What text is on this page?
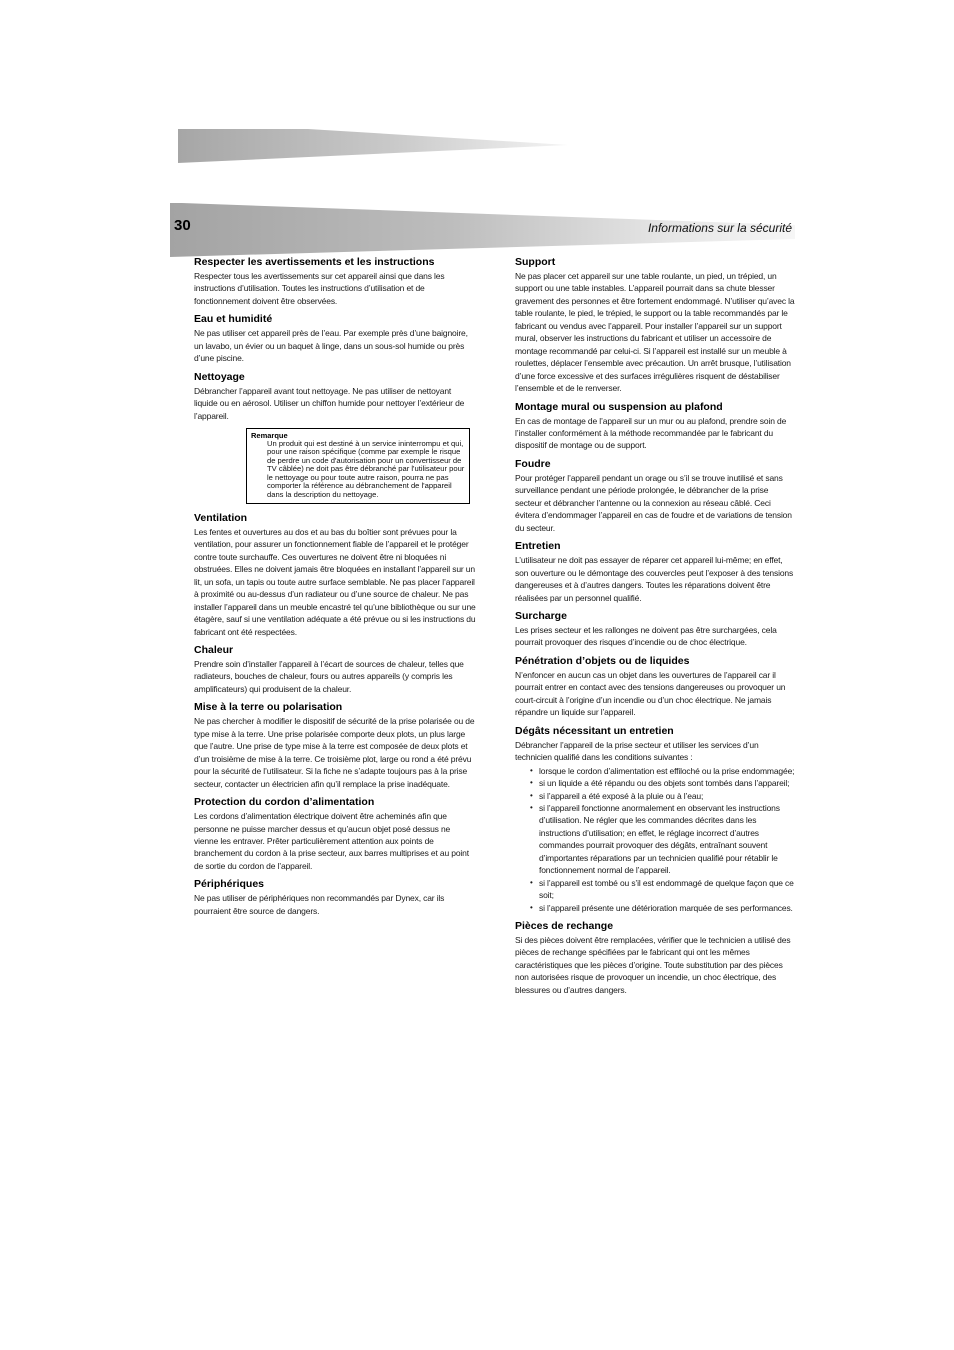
30	Informations sur la sécurité
Respecter les avertissements et les instructions

Respecter tous les avertissements sur cet appareil ainsi que dans les instructions d’utilisation. Toutes les instructions d’utilisation et de fonctionnement doivent être observées.

Eau et humidité

Ne pas utiliser cet appareil près de l’eau. Par exemple près d’une baignoire, un lavabo, un évier ou un baquet à linge, dans un sous-sol humide ou près d’une piscine.

Nettoyage

Débrancher l’appareil avant tout nettoyage. Ne pas utiliser de nettoyant liquide ou en aérosol. Utiliser un chiffon humide pour nettoyer l’extérieur de l’appareil.

Remarque

Un produit qui est destiné à un service ininterrompu et qui, pour une raison spécifique (comme par exemple le risque de perdre un code d'autorisation pour un convertisseur de TV câblée) ne doit pas être débranché par l'utilisateur pour le nettoyage ou pour toute autre raison, pourra ne pas comporter la référence au débranchement de l'appareil dans la description du nettoyage.

Ventilation

Les fentes et ouvertures au dos et au bas du boîtier sont prévues pour la ventilation, pour assurer un fonctionnement fiable de l’appareil et le protéger contre toute surchauffe. Ces ouvertures ne doivent être ni bloquées ni obstruées. Elles ne doivent jamais être bloquées en installant l’appareil sur un lit, un sofa, un tapis ou toute autre surface semblable. Ne pas placer l’appareil à proximité ou au-dessus d’un radiateur ou d’une source de chaleur. Ne pas installer l’appareil dans un meuble encastré tel qu’une bibliothèque ou sur une étagère, sauf si une ventilation adéquate a été prévue ou si les instructions du fabricant ont été respectées.

Chaleur

Prendre soin d’installer l’appareil à l’écart de sources de chaleur, telles que radiateurs, bouches de chaleur, fours ou autres appareils (y compris les amplificateurs) qui produisent de la chaleur.

Mise à la terre ou polarisation

Ne pas chercher à modifier le dispositif de sécurité de la prise polarisée ou de type mise à la terre. Une prise polarisée comporte deux plots, un plus large que l’autre. Une prise de type mise à la terre est composée de deux plots et d’un troisième de mise à la terre. Ce troisième plot, large ou rond a été prévu pour la sécurité de l’utilisateur. Si la fiche ne s’adapte toujours pas à la prise secteur, contacter un électricien afin qu’il remplace la prise inadéquate.

Protection du cordon d’alimentation

Les cordons d’alimentation électrique doivent être acheminés afin que personne ne puisse marcher dessus et qu’aucun objet posé dessus ne vienne les entraver. Prêter particulièrement attention aux points de branchement du cordon à la prise secteur, aux barres multiprises et au point de sortie du cordon de l’appareil.

Périphériques

Ne pas utiliser de périphériques non recommandés par Dynex, car ils pourraient être source de dangers.

Support

Ne pas placer cet appareil sur une table roulante, un pied, un trépied, un support ou une table instables. L’appareil pourrait dans sa chute blesser gravement des personnes et être fortement endommagé. N’utiliser qu’avec la table roulante, le pied, le trépied, le support ou la table recommandés par le fabricant ou vendus avec l’appareil. Pour installer l’appareil sur un support mural, observer les instructions du fabricant et utiliser un accessoire de montage recommandé par celui-ci. Si l’appareil est installé sur un meuble à roulettes, déplacer l’ensemble avec précaution. Un arrêt brusque, l’utilisation d’une force excessive et des surfaces irrégulières risquent de déstabiliser l’ensemble et de le renverser.

Montage mural ou suspension au plafond

En cas de montage de l’appareil sur un mur ou au plafond, prendre soin de l’installer conformément à la méthode recommandée par le fabricant du dispositif de montage ou de support.

Foudre

Pour protéger l’appareil pendant un orage ou s’il se trouve inutilisé et sans surveillance pendant une période prolongée, le débrancher de la prise secteur et débrancher l’antenne ou la connexion au réseau câblé. Ceci évitera d’endommager l’appareil en cas de foudre et de variations de tension du secteur.

Entretien

L’utilisateur ne doit pas essayer de réparer cet appareil lui-même; en effet, son ouverture ou le démontage des couvercles peut l’exposer à des tensions dangereuses et à d’autres dangers. Toutes les réparations doivent être réalisées par un personnel qualifié.

Surcharge

Les prises secteur et les rallonges ne doivent pas être surchargées, cela pourrait provoquer des risques d’incendie ou de choc électrique.

Pénétration d’objets ou de liquides

N’enfoncer en aucun cas un objet dans les ouvertures de l’appareil car il pourrait entrer en contact avec des tensions dangereuses ou provoquer un court-circuit à l’origine d’un incendie ou d’un choc électrique. Ne jamais répandre un liquide sur l’appareil.

Dégâts nécessitant un entretien

Débrancher l’appareil de la prise secteur et utiliser les services d’un technicien qualifié dans les conditions suivantes :

• lorsque le cordon d’alimentation est effiloché ou la prise endommagée;
• si un liquide a été répandu ou des objets sont tombés dans l’appareil;
• si l’appareil a été exposé à la pluie ou à l’eau;
• si l’appareil fonctionne anormalement en observant les instructions d’utilisation. Ne régler que les commandes décrites dans les instructions d’utilisation; en effet, le réglage incorrect d’autres commandes pourrait provoquer des dégâts, entraînant souvent d’importantes réparations par un technicien qualifié pour rétablir le fonctionnement normal de l’appareil.
• si l’appareil est tombé ou s’il est endommagé de quelque façon que ce soit;
• si l’appareil présente une détérioration marquée de ses performances.
Pièces de rechange

Si des pièces doivent être remplacées, vérifier que le technicien a utilisé des pièces de rechange spécifiées par le fabricant qui ont les mêmes caractéristiques que les pièces d’origine. Toute substitution par des pièces non autorisées risque de provoquer un incendie, un choc électrique, des blessures ou d’autres dangers.
